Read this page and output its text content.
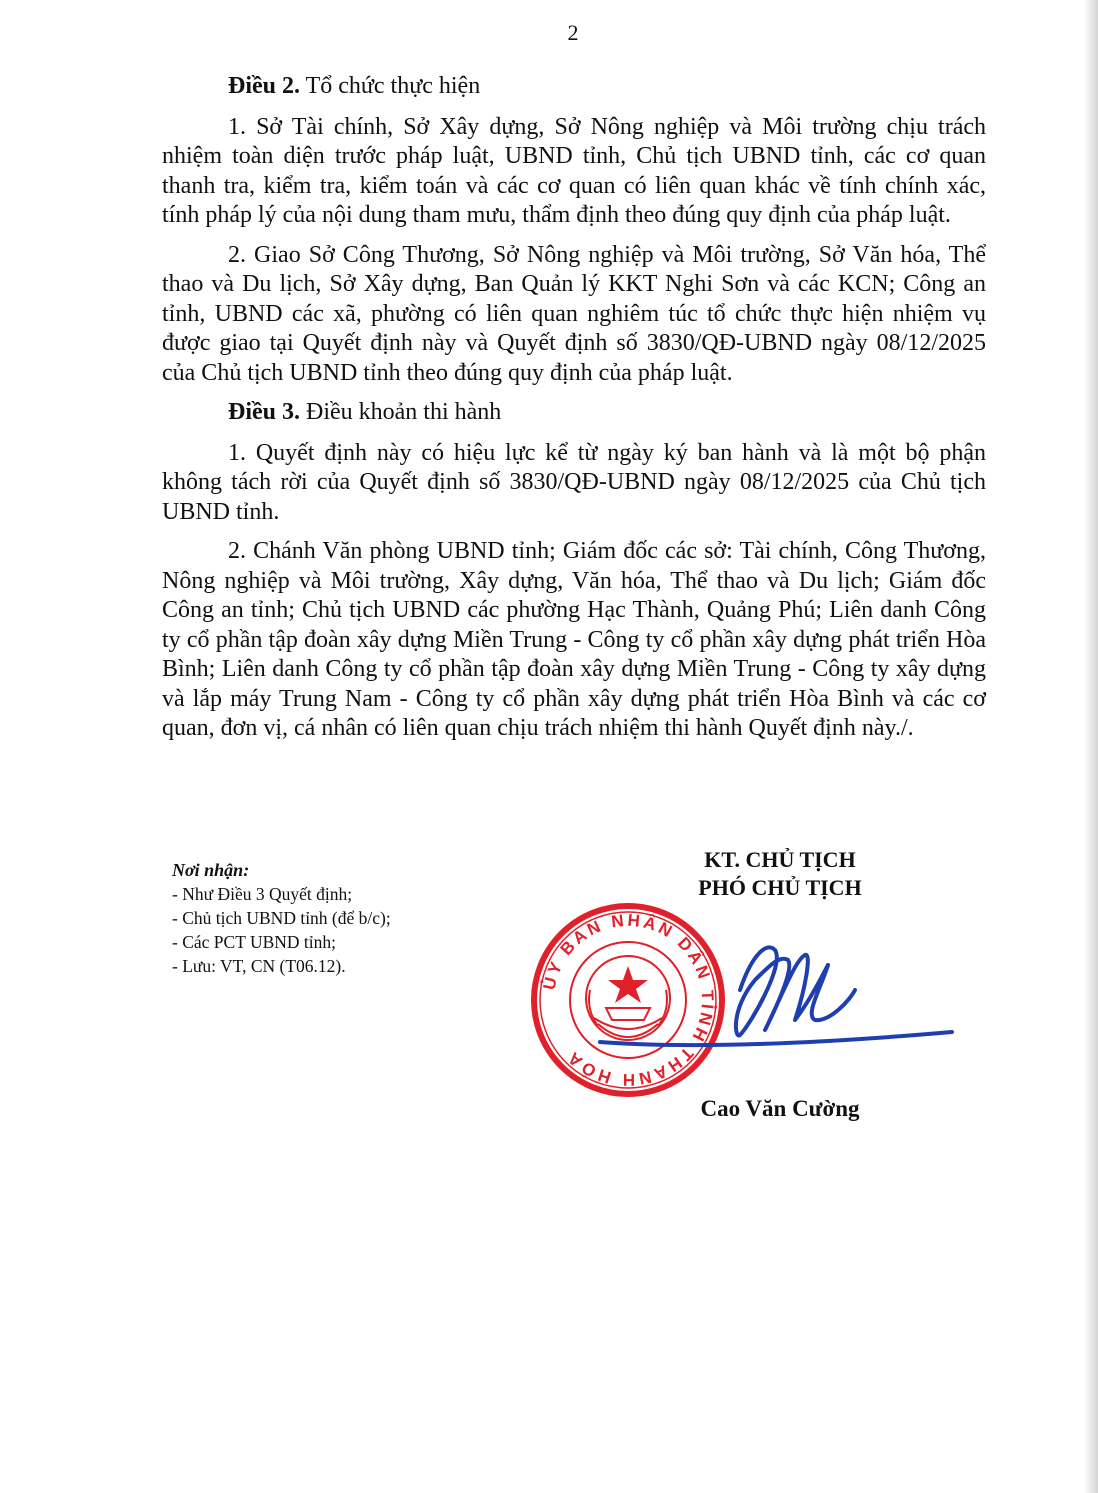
2

Điều 2. Tổ chức thực hiện

1. Sở Tài chính, Sở Xây dựng, Sở Nông nghiệp và Môi trường chịu trách nhiệm toàn diện trước pháp luật, UBND tỉnh, Chủ tịch UBND tỉnh, các cơ quan thanh tra, kiểm tra, kiểm toán và các cơ quan có liên quan khác về tính chính xác, tính pháp lý của nội dung tham mưu, thẩm định theo đúng quy định của pháp luật.

2. Giao Sở Công Thương, Sở Nông nghiệp và Môi trường, Sở Văn hóa, Thể thao và Du lịch, Sở Xây dựng, Ban Quản lý KKT Nghi Sơn và các KCN; Công an tỉnh, UBND các xã, phường có liên quan nghiêm túc tổ chức thực hiện nhiệm vụ được giao tại Quyết định này và Quyết định số 3830/QĐ-UBND ngày 08/12/2025 của Chủ tịch UBND tỉnh theo đúng quy định của pháp luật.

Điều 3. Điều khoản thi hành

1. Quyết định này có hiệu lực kể từ ngày ký ban hành và là một bộ phận không tách rời của Quyết định số 3830/QĐ-UBND ngày 08/12/2025 của Chủ tịch UBND tỉnh.

2. Chánh Văn phòng UBND tỉnh; Giám đốc các sở: Tài chính, Công Thương, Nông nghiệp và Môi trường, Xây dựng, Văn hóa, Thể thao và Du lịch; Giám đốc Công an tỉnh; Chủ tịch UBND các phường Hạc Thành, Quảng Phú; Liên danh Công ty cổ phần tập đoàn xây dựng Miền Trung - Công ty cổ phần xây dựng phát triển Hòa Bình; Liên danh Công ty cổ phần tập đoàn xây dựng Miền Trung - Công ty xây dựng và lắp máy Trung Nam - Công ty cổ phần xây dựng phát triển Hòa Bình và các cơ quan, đơn vị, cá nhân có liên quan chịu trách nhiệm thi hành Quyết định này./.

Nơi nhận:
- Như Điều 3 Quyết định;
- Chủ tịch UBND tỉnh (để b/c);
- Các PCT UBND tỉnh;
- Lưu: VT, CN (T06.12).
KT. CHỦ TỊCH
PHÓ CHỦ TỊCH
ỦY BAN NHÂN DÂN TỈNH THANH HÓA
Cao Văn Cường
